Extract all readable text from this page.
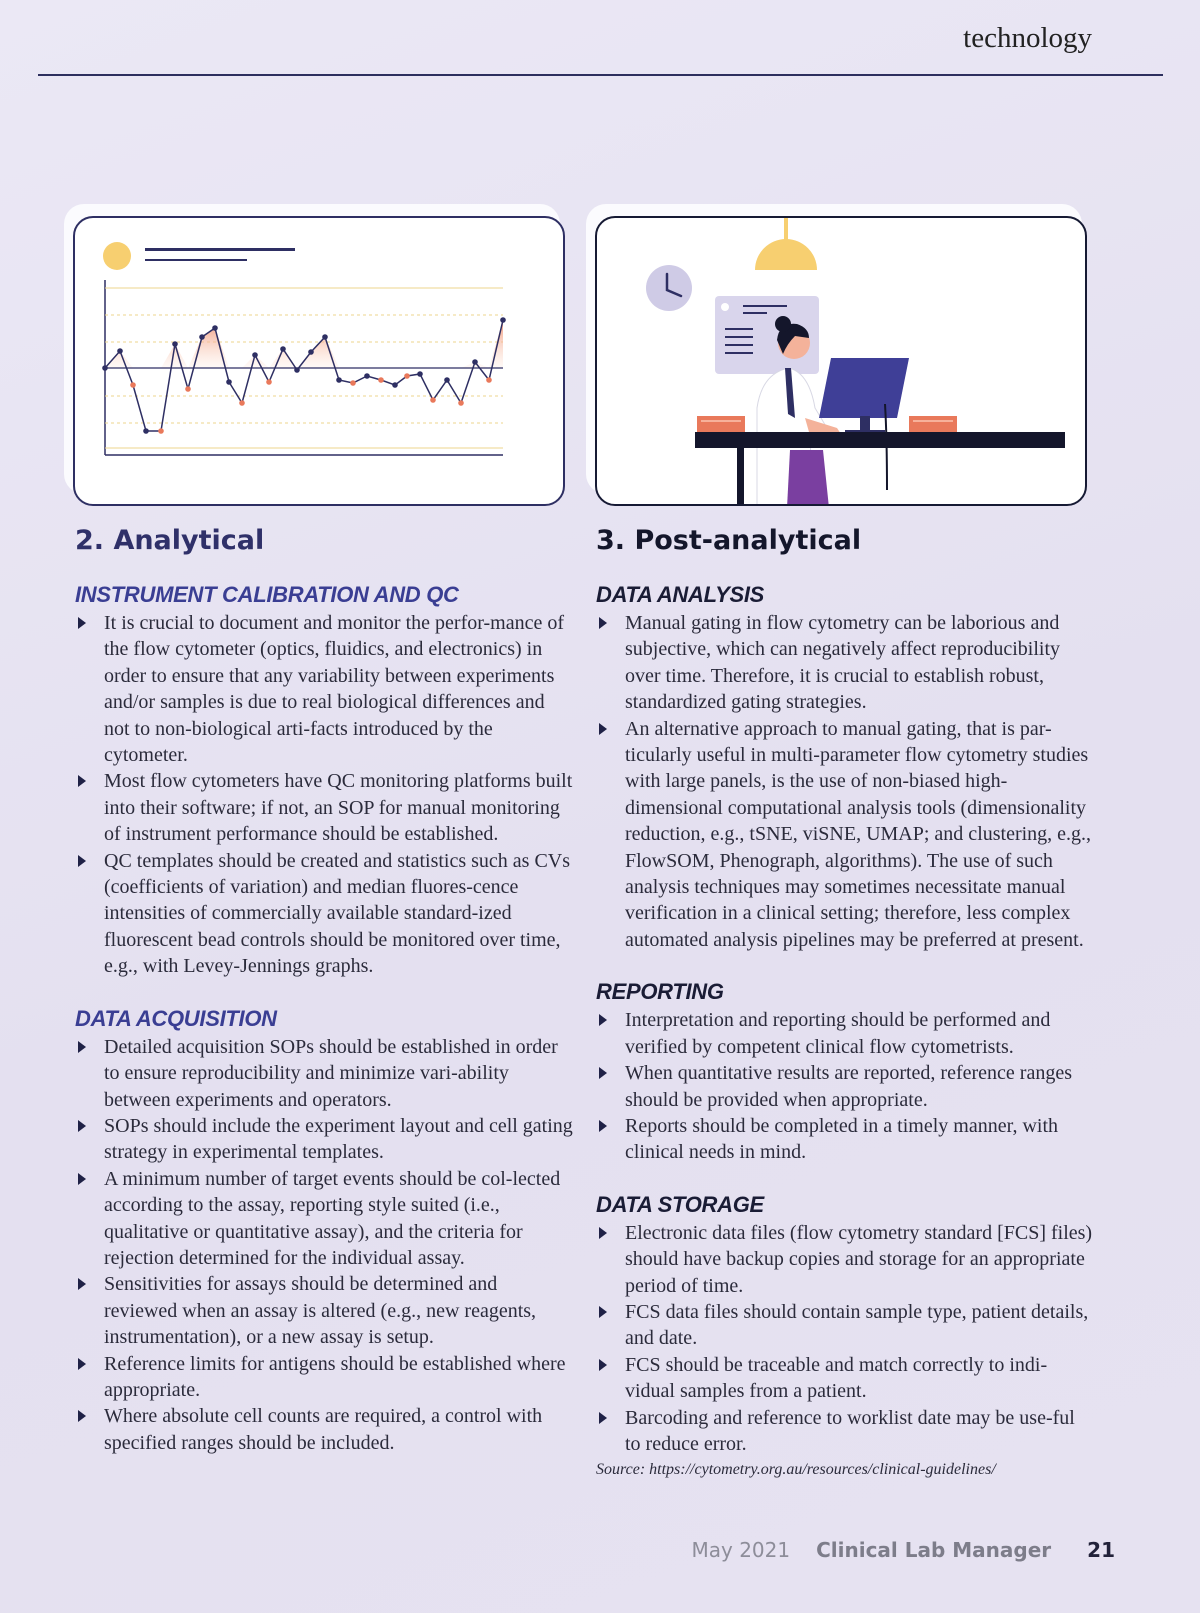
technology
2. Analytical	3. Post-analytical
INSTRUMENT CALIBRATION AND QC
It is crucial to document and monitor the perfor-mance of the flow cytometer (optics, fluidics, and electronics) in order to ensure that any variability between experiments and/or samples is due to real biological differences and not to non-biological arti-facts introduced by the cytometer.
Most flow cytometers have QC monitoring platforms built into their software; if not, an SOP for manual monitoring of instrument performance should be established.
QC templates should be created and statistics such as CVs (coefficients of variation) and median fluores-cence intensities of commercially available standard-ized fluorescent bead controls should be monitored over time, e.g., with Levey-Jennings graphs.
DATA ACQUISITION
Detailed acquisition SOPs should be established in order to ensure reproducibility and minimize vari-ability between experiments and operators.
SOPs should include the experiment layout and cell gating strategy in experimental templates.
A minimum number of target events should be col-lected according to the assay, reporting style suited (i.e., qualitative or quantitative assay), and the criteria for rejection determined for the individual assay.
Sensitivities for assays should be determined and reviewed when an assay is altered (e.g., new reagents, instrumentation), or a new assay is setup.
Reference limits for antigens should be established where appropriate.
Where absolute cell counts are required, a control with specified ranges should be included.
DATA ANALYSIS
Manual gating in flow cytometry can be laborious and subjective, which can negatively affect reproducibility over time. Therefore, it is crucial to establish robust, standardized gating strategies.
An alternative approach to manual gating, that is par-ticularly useful in multi-parameter flow cytometry studies with large panels, is the use of non-biased high-dimensional computational analysis tools (dimensionality reduction, e.g., tSNE, viSNE, UMAP; and clustering, e.g., FlowSOM, Phenograph, algorithms). The use of such analysis techniques may sometimes necessitate manual verification in a clinical setting; therefore, less complex automated analysis pipelines may be preferred at present.
REPORTING
Interpretation and reporting should be performed and verified by competent clinical flow cytometrists.
When quantitative results are reported, reference ranges should be provided when appropriate.
Reports should be completed in a timely manner, with clinical needs in mind.
DATA STORAGE
Electronic data files (flow cytometry standard [FCS] files) should have backup copies and storage for an appropriate period of time.
FCS data files should contain sample type, patient details, and date.
FCS should be traceable and match correctly to indi-vidual samples from a patient.
Barcoding and reference to worklist date may be use-ful to reduce error.
Source: https://cytometry.org.au/resources/clinical-guidelines/
May 2021 Clinical Lab Manager 21
